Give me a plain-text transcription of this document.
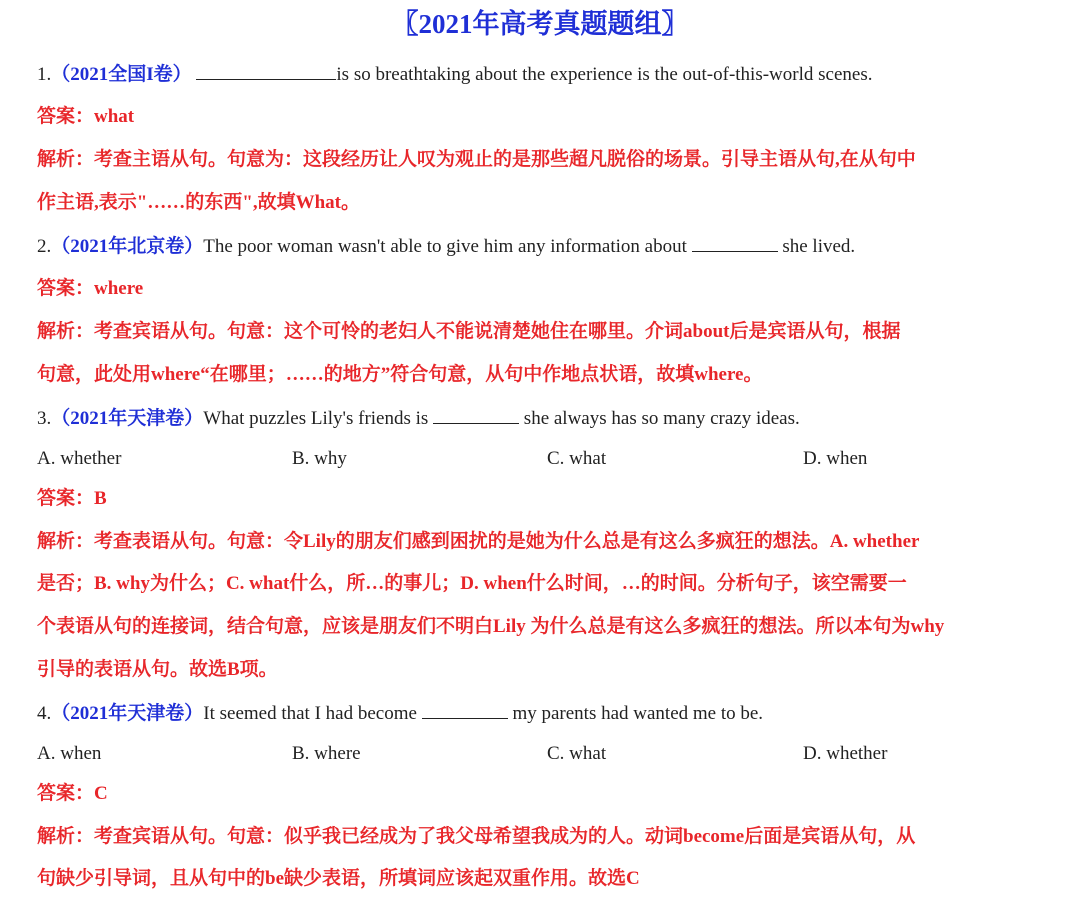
〖2021年高考真题题组〗
1.（2021全国I卷）	is so breathtaking about the experience is the out-of-this-world scenes.
答案：what
解析：考查主语从句。句意为：这段经历让人叹为观止的是那些超凡脱俗的场景。引导主语从句,在从句中
作主语,表示"……的东西",故填What。
2.（2021年北京卷）The poor woman wasn't able to give him any information about	she lived.
答案：where
解析：考查宾语从句。句意：这个可怜的老妇人不能说清楚她住在哪里。介词about后是宾语从句，根据
句意，此处用where“在哪里；……的地方”符合句意，从句中作地点状语，故填where。
3.（2021年天津卷）What puzzles Lily's friends is	she always has so many crazy ideas.
A. whether	B. why	C. what	D. when
答案：B
解析：考查表语从句。句意：令Lily的朋友们感到困扰的是她为什么总是有这么多疯狂的想法。A. whether
是否；B. why为什么；C. what什么，所…的事儿；D. when什么时间，…的时间。分析句子，该空需要一
个表语从句的连接词，结合句意，应该是朋友们不明白Lily 为什么总是有这么多疯狂的想法。所以本句为why
引导的表语从句。故选B项。
4.（2021年天津卷）It seemed that I had become	my parents had wanted me to be.
A. when	B. where	C. what	D. whether
答案：C
解析：考查宾语从句。句意：似乎我已经成为了我父母希望我成为的人。动词become后面是宾语从句，从
句缺少引导词，且从句中的be缺少表语，所填词应该起双重作用。故选C
